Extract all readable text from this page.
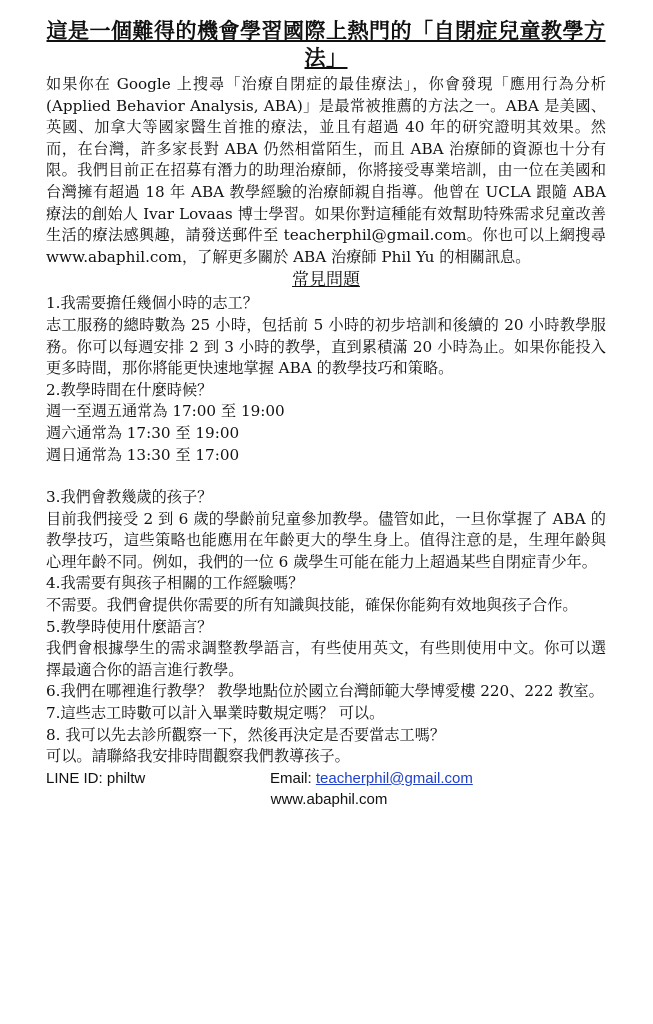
這是一個難得的機會學習國際上熱門的「自閉症兒童教學方法」

如果你在 Google 上搜尋「治療自閉症的最佳療法」，你會發現「應用行為分析 (Applied Behavior Analysis, ABA)」是最常被推薦的方法之一。ABA 是美國、英國、加拿大等國家醫生首推的療法，並且有超過 40 年的研究證明其效果。然而，在台灣，許多家長對 ABA 仍然相當陌生，而且 ABA 治療師的資源也十分有限。我們目前正在招募有潛力的助理治療師，你將接受專業培訓，由一位在美國和台灣擁有超過 18 年 ABA 教學經驗的治療師親自指導。他曾在 UCLA 跟隨 ABA 療法的創始人 Ivar Lovaas 博士學習。如果你對這種能有效幫助特殊需求兒童改善生活的療法感興趣，請發送郵件至 teacherphil@gmail.com。你也可以上網搜尋 www.abaphil.com，了解更多關於 ABA 治療師 Phil Yu 的相關訊息。

常見問題

1.我需要擔任幾個小時的志工？

志工服務的總時數為 25 小時，包括前 5 小時的初步培訓和後續的 20 小時教學服務。你可以每週安排 2 到 3 小時的教學，直到累積滿 20 小時為止。如果你能投入更多時間，那你將能更快速地掌握 ABA 的教學技巧和策略。

2.教學時間在什麼時候？

週一至週五通常為 17:00 至 19:00

週六通常為 17:30 至 19:00

週日通常為 13:30 至 17:00

3.我們會教幾歲的孩子？

目前我們接受 2 到 6 歲的學齡前兒童參加教學。儘管如此，一旦你掌握了 ABA 的教學技巧，這些策略也能應用在年齡更大的學生身上。值得注意的是，生理年齡與心理年齡不同。例如，我們的一位 6 歲學生可能在能力上超過某些自閉症青少年。

4.我需要有與孩子相關的工作經驗嗎？

不需要。我們會提供你需要的所有知識與技能，確保你能夠有效地與孩子合作。

5.教學時使用什麼語言？

我們會根據學生的需求調整教學語言，有些使用英文，有些則使用中文。你可以選擇最適合你的語言進行教學。

6.我們在哪裡進行教學？ 教學地點位於國立台灣師範大學博愛樓 220、222 教室。

7.這些志工時數可以計入畢業時數規定嗎？ 可以。

8. 我可以先去診所觀察一下，然後再決定是否要當志工嗎？

可以。請聯絡我安排時間觀察我們教導孩子。

LINE ID: philtw	Email:
teacherphil@gmail.com

www.abaphil.com
